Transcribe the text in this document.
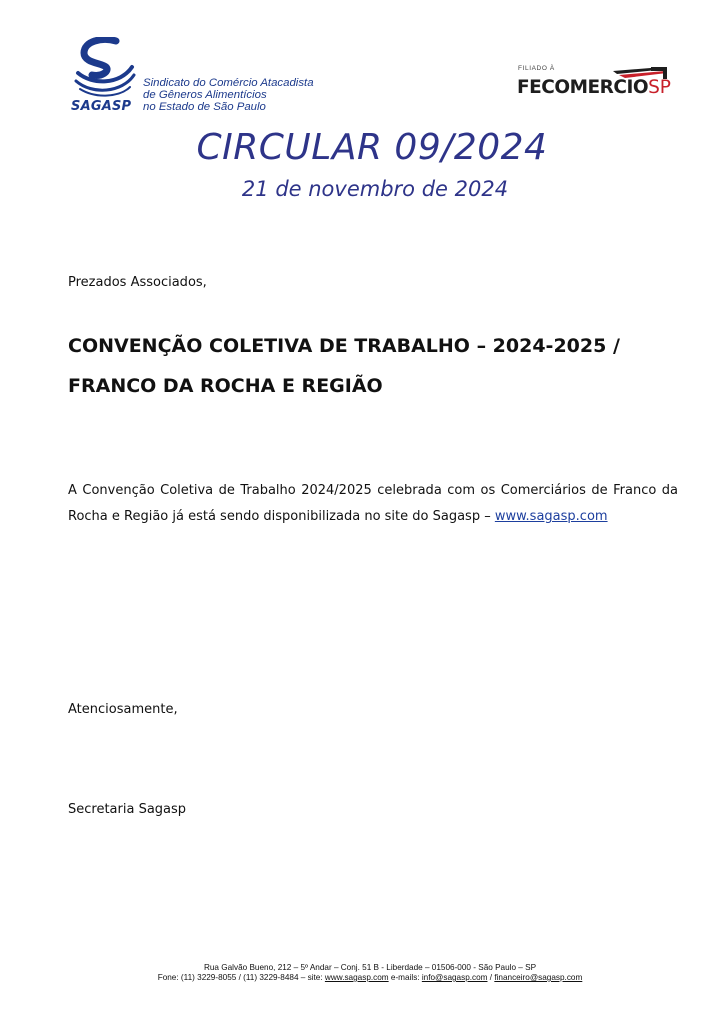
SAGASP
Sindicato do Comércio Atacadista
de Gêneros Alimentícios
no Estado de São Paulo
FILIADO À
FECOMERCIOSP
CIRCULAR 09/2024
21 de novembro de 2024
Prezados Associados,
CONVENÇÃO COLETIVA DE TRABALHO – 2024-2025 /
FRANCO DA ROCHA E REGIÃO
A Convenção Coletiva de Trabalho 2024/2025 celebrada com os Comerciários de Franco da
Rocha e Região já está sendo disponibilizada no site do Sagasp – www.sagasp.com
Atenciosamente,
Secretaria Sagasp
Rua Galvão Bueno, 212 – 5º Andar – Conj. 51 B - Liberdade – 01506-000 - São Paulo – SP
Fone: (11) 3229-8055 / (11) 3229-8484 – site: www.sagasp.com e-mails: info@sagasp.com / financeiro@sagasp.com
